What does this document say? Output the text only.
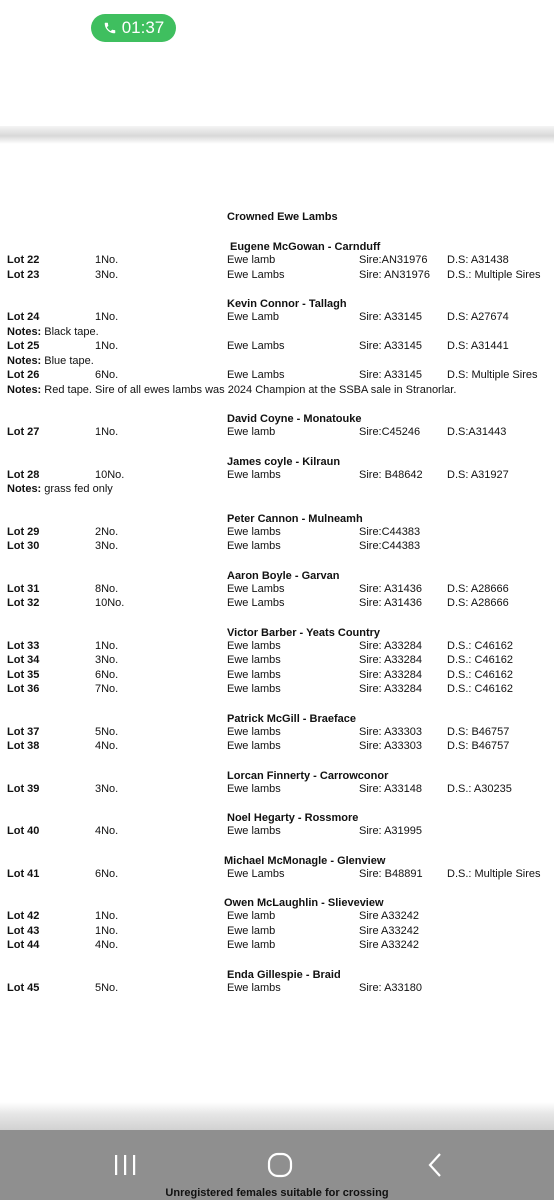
01:37
Crowned Ewe Lambs
Eugene McGowan - Carnduff
Lot 22	1No.	Ewe lamb	Sire:AN31976 D.S: A31438
Lot 23	3No.	Ewe Lambs	Sire: AN31976 D.S.: Multiple Sires
Kevin Connor - Tallagh
Lot 24	1No.	Ewe Lamb	Sire: A33145 D.S: A27674
Notes: Black tape.
Lot 25	1No.	Ewe Lambs	Sire: A33145 D.S: A31441
Notes: Blue tape.
Lot 26	6No.	Ewe Lambs	Sire: A33145 D.S: Multiple Sires
Notes: Red tape. Sire of all ewes lambs was 2024 Champion at the SSBA sale in Stranorlar.
David Coyne - Monatouke
Lot 27	1No.	Ewe lamb	Sire:C45246 D.S:A31443
James coyle - Kilraun
Lot 28	10No.	Ewe lambs	Sire: B48642 D.S: A31927
Notes: grass fed only
Peter Cannon - Mulneamh
Lot 29	2No.	Ewe lambs	Sire:C44383
Lot 30	3No.	Ewe lambs	Sire:C44383
Aaron Boyle - Garvan
Lot 31	8No.	Ewe Lambs	Sire: A31436 D.S: A28666
Lot 32	10No.	Ewe Lambs	Sire: A31436 D.S: A28666
Victor Barber - Yeats Country
Lot 33	1No.	Ewe lambs	Sire: A33284 D.S.: C46162
Lot 34	3No.	Ewe lambs	Sire: A33284 D.S.: C46162
Lot 35	6No.	Ewe lambs	Sire: A33284 D.S.: C46162
Lot 36	7No.	Ewe lambs	Sire: A33284 D.S.: C46162
Patrick McGill - Braeface
Lot 37	5No.	Ewe lambs	Sire: A33303 D.S: B46757
Lot 38	4No.	Ewe lambs	Sire: A33303 D.S: B46757
Lorcan Finnerty - Carrowconor
Lot 39	3No.	Ewe lambs	Sire: A33148 D.S.: A30235
Noel Hegarty - Rossmore
Lot 40	4No.	Ewe lambs	Sire: A31995
Michael McMonagle - Glenview
Lot 41	6No.	Ewe Lambs	Sire: B48891 D.S.: Multiple Sires
Owen McLaughlin - Slieveview
Lot 42	1No.	Ewe lamb	Sire A33242
Lot 43	1No.	Ewe lamb	Sire A33242
Lot 44	4No.	Ewe lamb	Sire A33242
Enda Gillespie - Braid
Lot 45	5No.	Ewe lambs	Sire: A33180
Unregistered females suitable for crossing
